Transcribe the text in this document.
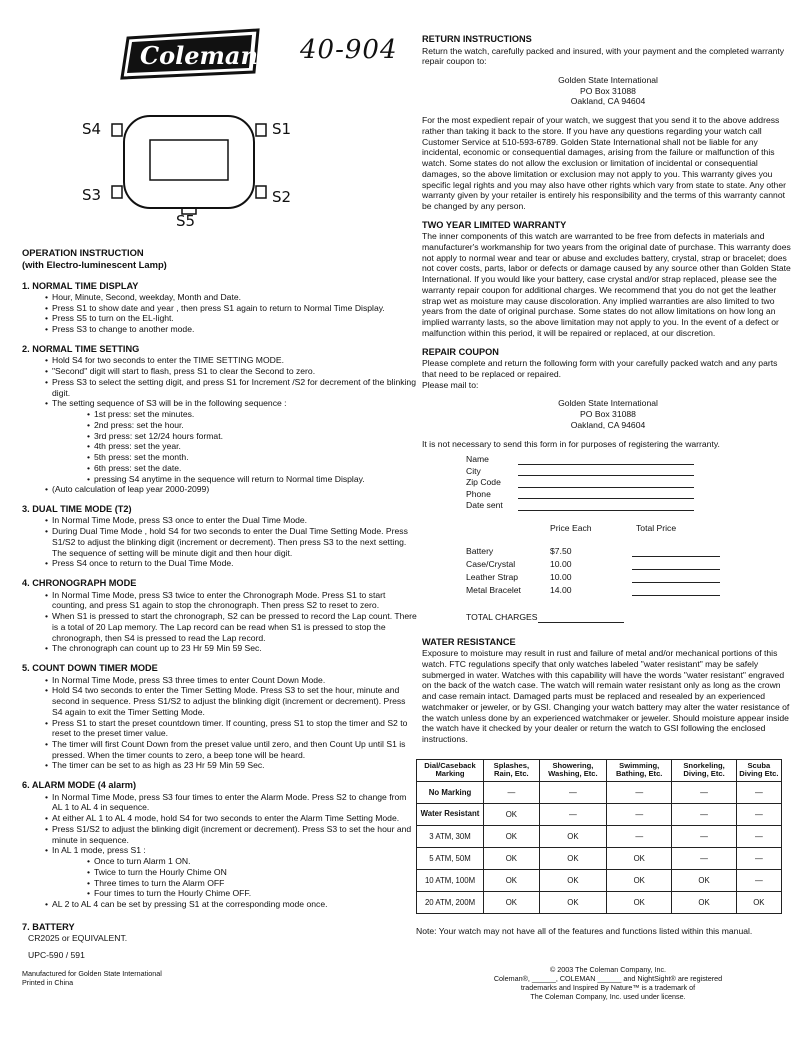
Coleman 40-904
S4	S1
S3	S2
S5
OPERATION INSTRUCTION
(with Electro-luminescent Lamp)
1. NORMAL TIME DISPLAY
• Hour, Minute, Second, weekday, Month and Date.
• Press S1 to show date and year , then press S1 again to return to Normal Time Display.
• Press S5 to turn on the EL-light.
• Press S3 to change to another mode.
2. NORMAL TIME SETTING
• Hold S4 for two seconds to enter the TIME SETTING MODE.
• "Second" digit will start to flash, press S1 to clear the Second to zero.
• Press S3 to select the setting digit, and press S1 for Increment /S2 for decrement of the blinking digit.
• The setting sequence of S3 will be in the following sequence :
• 1st press: set the minutes.
• 2nd press: set the hour.
• 3rd press: set 12/24 hours format.
• 4th press: set the year.
• 5th press: set the month.
• 6th press: set the date.
• pressing S4 anytime in the sequence will return to Normal time Display.
• (Auto calculation of leap year 2000-2099)
3. DUAL TIME MODE (T2)
• In Normal Time Mode, press S3 once to enter the Dual Time Mode.
• During Dual Time Mode , hold S4 for two seconds to enter the Dual Time Setting Mode. Press S1/S2 to adjust the blinking digit (increment or decrement). Then press S3 to the next setting. The sequence of setting will be minute digit and then hour digit.
• Press S4 once to return to the Dual Time Mode.
4. CHRONOGRAPH MODE
• In Normal Time Mode, press S3 twice to enter the Chronograph Mode. Press S1 to start counting, and press S1 again to stop the chronograph. Then press S2 to reset to zero.
• When S1 is pressed to start the chronograph, S2 can be pressed to record the Lap count. There is a total of 20 Lap memory. The Lap record can be read when S1 is pressed to stop the chronograph, then S4 is pressed to read the Lap record.
• The chronograph can count up to 23 Hr 59 Min 59 Sec.
5. COUNT DOWN TIMER MODE
• In Normal Time Mode, press S3 three times to enter Count Down Mode.
• Hold S4 two seconds to enter the Timer Setting Mode. Press S3 to set the hour, minute and second in sequence. Press S1/S2 to adjust the blinking digit (increment or decrement). Press S4 again to exit the Timer Setting Mode.
• Press S1 to start the preset countdown timer. If counting, press S1 to stop the timer and S2 to reset to the preset timer value.
• The timer will first Count Down from the preset value until zero, and then Count Up until S1 is pressed. When the timer counts to zero, a beep tone will be heard.
• The timer can be set to as high as 23 Hr 59 Min 59 Sec.
6. ALARM MODE (4 alarm)
• In Normal Time Mode, press S3 four times to enter the Alarm Mode. Press S2 to change from AL 1 to AL 4 in sequence.
• At either AL 1 to AL 4 mode, hold S4 for two seconds to enter the Alarm Time Setting Mode.
• Press S1/S2 to adjust the blinking digit (increment or decrement). Press S3 to set the hour and minute in sequence.
• In AL 1 mode, press S1 :
• Once to turn Alarm 1 ON.
• Twice to turn the Hourly Chime ON
• Three times to turn the Alarm OFF
• Four times to turn the Hourly Chime OFF.
• AL 2 to AL 4 can be set by pressing S1 at the corresponding mode once.
7. BATTERY

CR2025 or EQUIVALENT.

UPC-590 / 591

Manufactured for Golden State International

Printed in China

RETURN INSTRUCTIONS

Return the watch, carefully packed and insured, with your payment and the completed warranty repair coupon to:

Golden State International
PO Box 31088
Oakland, CA 94604

For the most expedient repair of your watch, we suggest that you send it to the above address rather than taking it back to the store. If you have any questions regarding your watch call Customer Service at 510-593-6789. Golden State International shall not be liable for any incidental, economic or consequential damages, arising from the failure or malfunction of this watch. Some states do not allow the exclusion or limitation of incidental or consequential damages, so the above limitation or exclusion may not apply to you. This warranty gives you specific legal rights and you may also have other rights which vary from state to state. Any other warranty given by your retailer is entirely his responsibility and the terms of this warranty cannot be changed by any person.

TWO YEAR LIMITED WARRANTY

The inner components of this watch are warranted to be free from defects in materials and manufacturer's workmanship for two years from the original date of purchase. This warranty does not apply to normal wear and tear or abuse and excludes battery, crystal, strap or bracelet; does not cover costs, parts, labor or defects or damage caused by any source other than Golden State International. If you would like your battery, case crystal and/or strap replaced, please see the warranty repair coupon for additional charges. We recommend that you do not get the leather strap wet as moisture may cause discoloration. Any implied warranties are also limited to two years from the date of original purchase. Some states do not allow limitations on how long an implied warranty lasts, so the above limitation may not apply to you. In the event of a defect or malfunction within this period, it will be repaired or replaced, at our discretion.

REPAIR COUPON

Please complete and return the following form with your carefully packed watch and any parts that need to be replaced or repaired.

Please mail to:

Golden State International
PO Box 31088
Oakland, CA 94604

It is not necessary to send this form in for purposes of registering the warranty.

Name
City
Zip Code
Phone
Date sent
Price Each	Total Price
Battery	$7.50
Case/Crystal	10.00
Leather Strap	10.00
Metal Bracelet	14.00
TOTAL CHARGES
WATER RESISTANCE

Exposure to moisture may result in rust and failure of metal and/or mechanical portions of this watch. FTC regulations specify that only watches labeled "water resistant" may be safely submerged in water. Watches with this capability will have the words "water resistant" engraved on the back of the watch case. The watch will remain water resistant only as long as the crown and case remain intact. Damaged parts must be replaced and resealed by an experienced watchmaker or jeweler, or by GSI. Changing your watch battery may alter the water resistance of the watch unless done by an experienced watchmaker or jeweler. Should moisture appear inside the watch have it checked by your dealer or return the watch to GSI following the enclosed instructions.

Dial/Caseback Marking	Splashes, Rain, Etc.	Showering, Washing, Etc.	Swimming, Bathing, Etc.	Snorkeling, Diving, Etc.	Scuba Diving Etc.
No Marking	—	—	—	—	—
Water Resistant	OK	—	—	—	—
3 ATM, 30M	OK	OK	—	—	—
5 ATM, 50M	OK	OK	OK	—	—
10 ATM, 100M	OK	OK	OK	OK	—
20 ATM, 200M	OK	OK	OK	OK	OK

Note: Your watch may not have all of the features and functions listed within this manual.

© 2003 The Coleman Company, Inc.
Coleman®, ______, COLEMAN ______ and NightSight® are registered
trademarks and Inspired By Nature™ is a trademark of
The Coleman Company, Inc. used under license.
